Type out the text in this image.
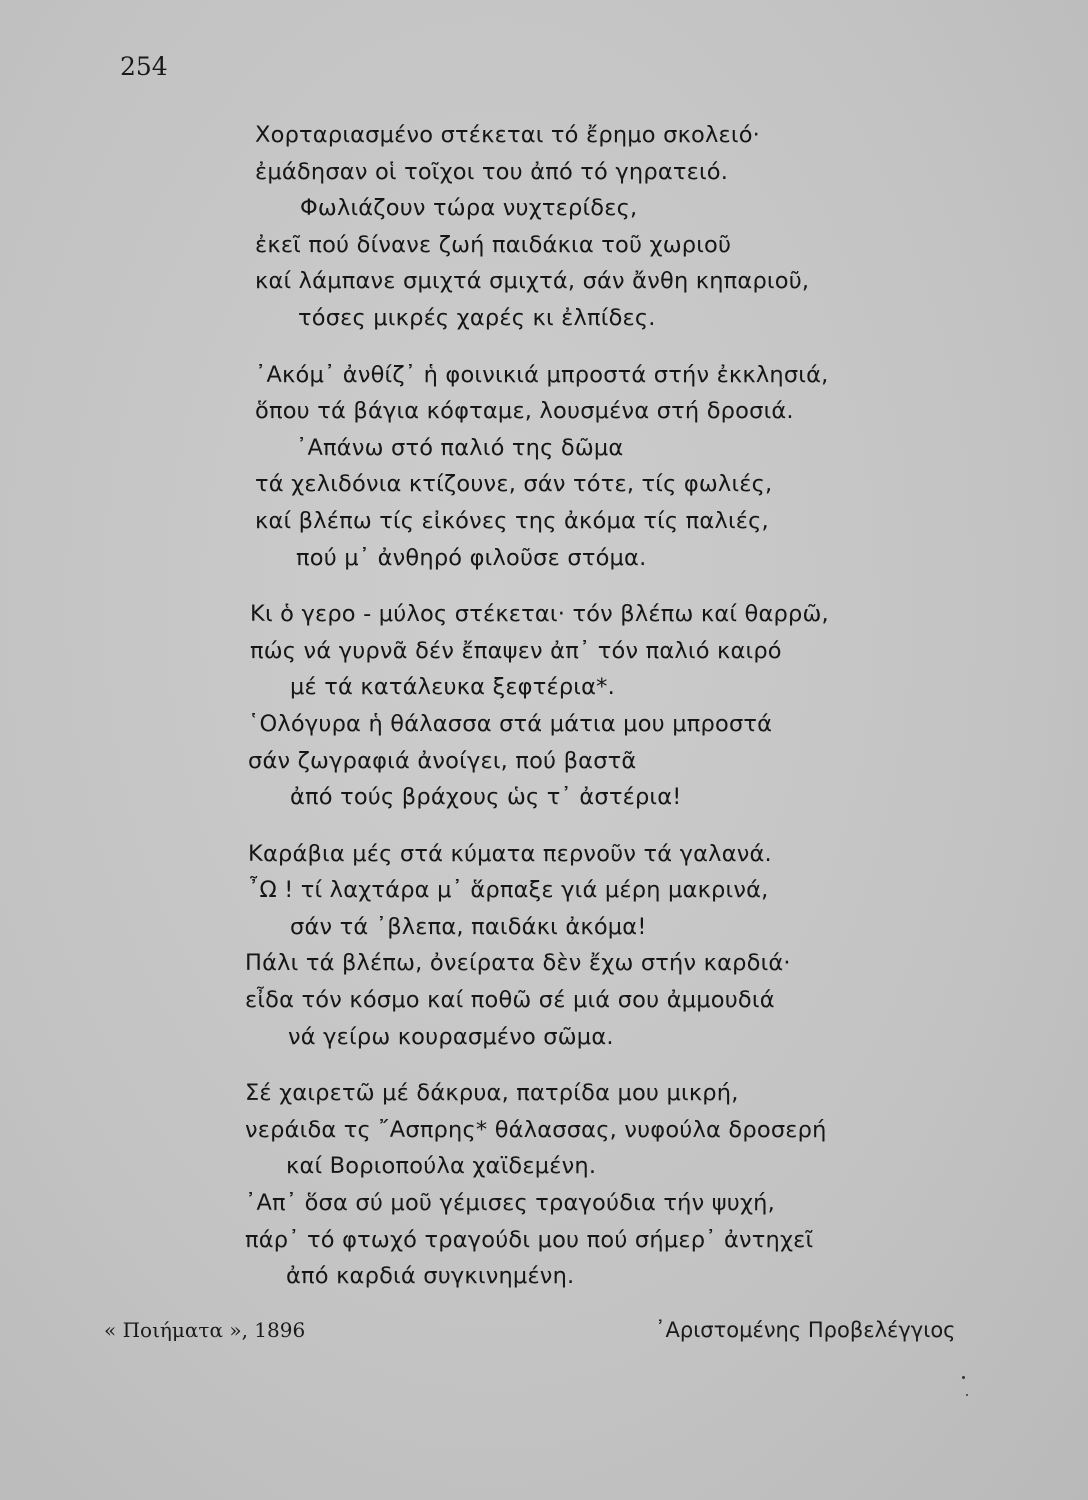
254
Χορταριασμένο στέκεται τό ἔρημο σκολειό·
ἐμάδησαν οἱ τοῖχοι του ἀπό τό γηρατειό.
Φωλιάζουν τώρα νυχτερίδες,
ἐκεῖ πού δίνανε ζωή παιδάκια τοῦ χωριοῦ
καί λάμπανε σμιχτά σμιχτά, σάν ἄνθη κηπαριοῦ,
τόσες μικρές χαρές κι ἐλπίδες.
᾿Ακόμ᾿ ἀνθίζ᾿ ἡ φοινικιά μπροστά στήν ἐκκλησιά,
ὅπου τά βάγια κόφταμε, λουσμένα στή δροσιά.
᾿Απάνω στό παλιό της δῶμα
τά χελιδόνια κτίζουνε, σάν τότε, τίς φωλιές,
καί βλέπω τίς εἰκόνες της ἀκόμα τίς παλιές,
πού μ᾿ ἀνθηρό φιλοῦσε στόμα.
Κι ὁ γερο - μύλος στέκεται· τόν βλέπω καί θαρρῶ,
πώς νά γυρνᾶ δέν ἔπαψεν ἀπ᾿ τόν παλιό καιρό
μέ τά κατάλευκα ξεφτέρια*.
῾Ολόγυρα ἡ θάλασσα στά μάτια μου μπροστά
σάν ζωγραφιά ἀνοίγει, πού βαστᾶ
ἀπό τούς βράχους ὡς τ᾿ ἀστέρια!
Καράβια μές στά κύματα περνοῦν τά γαλανά.
῏Ω ! τί λαχτάρα μ᾿ ἅρπαξε γιά μέρη μακρινά,
σάν τά ᾿βλεπα, παιδάκι ἀκόμα!
Πάλι τά βλέπω, ὀνείρατα δὲν ἔχω στήν καρδιά·
εἶδα τόν κόσμο καί ποθῶ σέ μιά σου ἀμμουδιά
νά γείρω κουρασμένο σῶμα.
Σέ χαιρετῶ μέ δάκρυα, πατρίδα μου μικρή,
νεράιδα τς ῎Ασπρης* θάλασσας, νυφούλα δροσερή
καί Βοριοπούλα χαϊδεμένη.
᾿Απ᾿ ὅσα σύ μοῦ γέμισες τραγούδια τήν ψυχή,
πάρ᾿ τό φτωχό τραγούδι μου πού σήμερ᾿ ἀντηχεῖ
ἀπό καρδιά συγκινημένη.
« Ποιήματα », 1896	᾿Αριστομένης Προβελέγγιος
